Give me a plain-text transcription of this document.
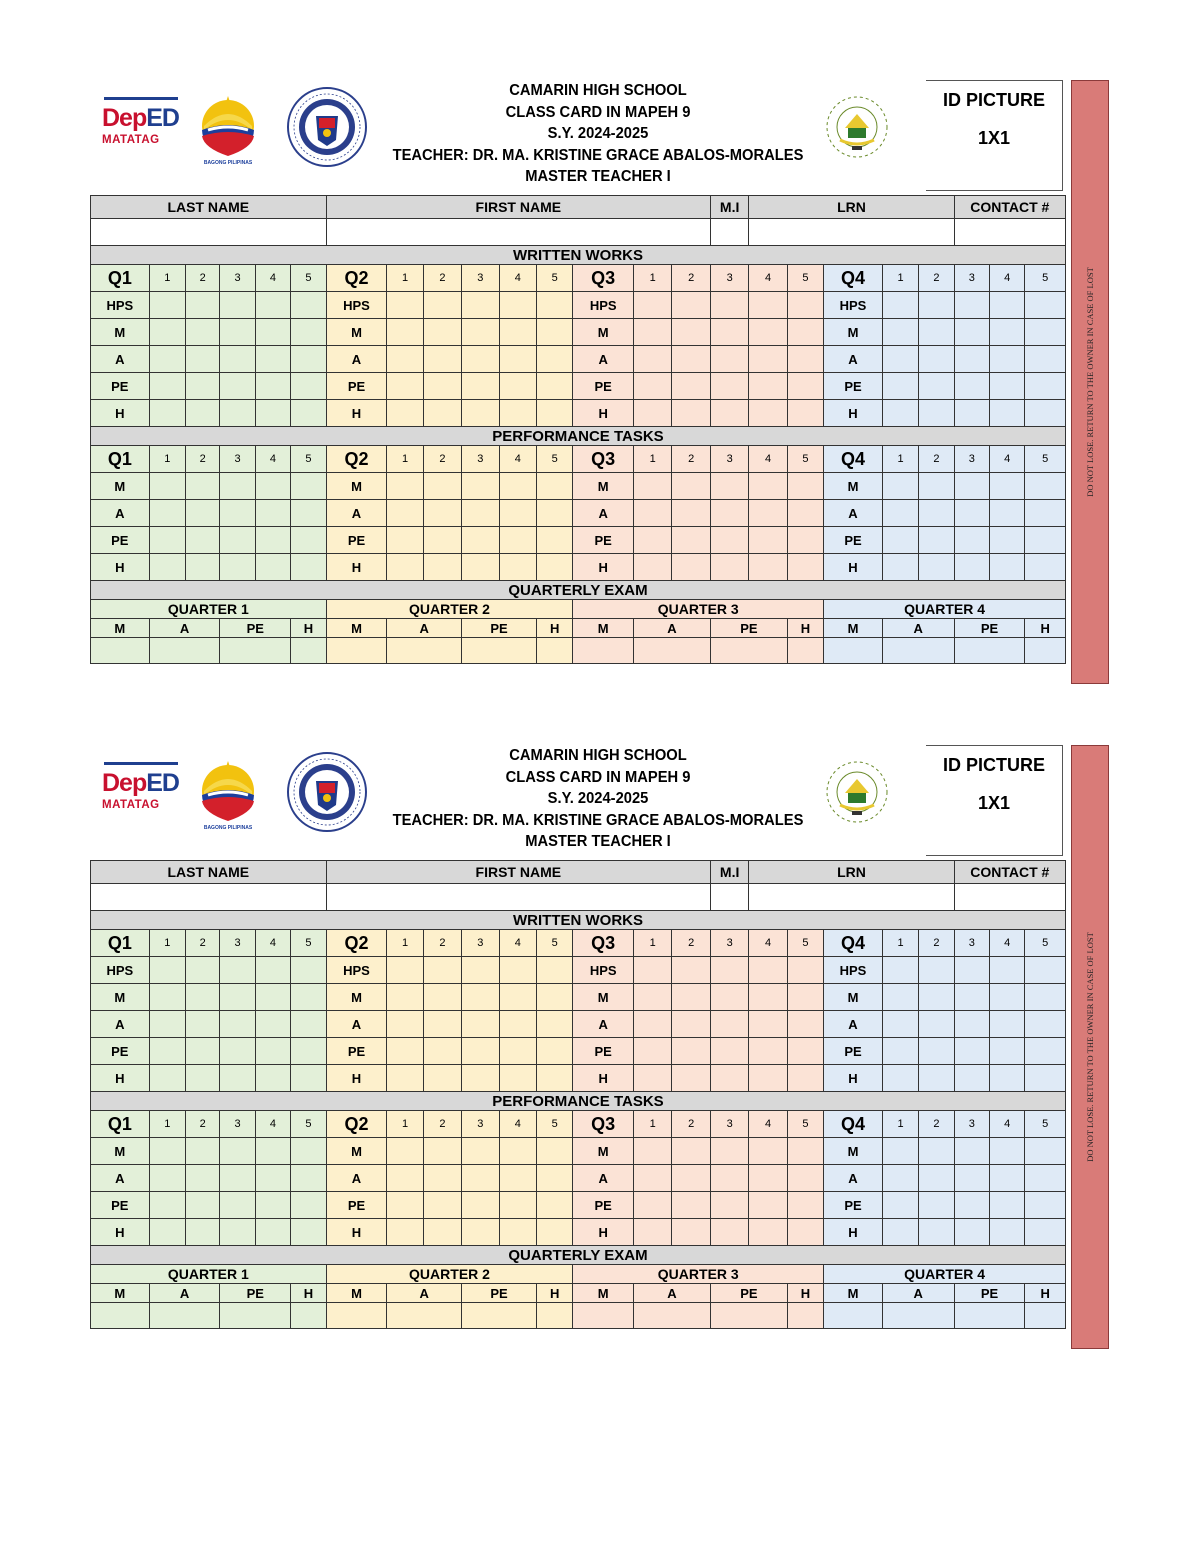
DepED
MATATAG
BAGONG PILIPINAS
CAMARIN HIGH SCHOOL
CLASS CARD IN MAPEH 9
S.Y. 2024-2025
TEACHER: DR. MA. KRISTINE GRACE ABALOS-MORALES
MASTER TEACHER I
ID PICTURE
1X1
DO NOT LOSE. RETURN TO THE OWNER IN CASE OF LOST
LAST NAME						FIRST NAME									M.I	LRN					CONTACT #		

WRITTEN WORKS																							
Q1	1	2	3	4	5	Q2	1	2	3	4	5	Q3	1	2	3	4	5	Q4	1	2	3	4	5
HPS						HPS						HPS						HPS					
M						M						M						M					
A						A						A						A					
PE						PE						PE						PE					
H						H						H						H					
PERFORMANCE TASKS																							
Q1	1	2	3	4	5	Q2	1	2	3	4	5	Q3	1	2	3	4	5	Q4	1	2	3	4	5
M						M						M						M					
A						A						A						A					
PE						PE						PE						PE					
H						H						H						H					
QUARTERLY EXAM																							
QUARTER 1						QUARTER 2						QUARTER 3						QUARTER 4					
M	A		PE		H	M	A		PE		H	M	A		PE		H	M	A		PE		H

DepED
MATATAG
BAGONG PILIPINAS
CAMARIN HIGH SCHOOL
CLASS CARD IN MAPEH 9
S.Y. 2024-2025
TEACHER: DR. MA. KRISTINE GRACE ABALOS-MORALES
MASTER TEACHER I
ID PICTURE
1X1
DO NOT LOSE. RETURN TO THE OWNER IN CASE OF LOST
LAST NAME						FIRST NAME									M.I	LRN					CONTACT #		

WRITTEN WORKS																							
Q1	1	2	3	4	5	Q2	1	2	3	4	5	Q3	1	2	3	4	5	Q4	1	2	3	4	5
HPS						HPS						HPS						HPS					
M						M						M						M					
A						A						A						A					
PE						PE						PE						PE					
H						H						H						H					
PERFORMANCE TASKS																							
Q1	1	2	3	4	5	Q2	1	2	3	4	5	Q3	1	2	3	4	5	Q4	1	2	3	4	5
M						M						M						M					
A						A						A						A					
PE						PE						PE						PE					
H						H						H						H					
QUARTERLY EXAM																							
QUARTER 1						QUARTER 2						QUARTER 3						QUARTER 4					
M	A		PE		H	M	A		PE		H	M	A		PE		H	M	A		PE		H
